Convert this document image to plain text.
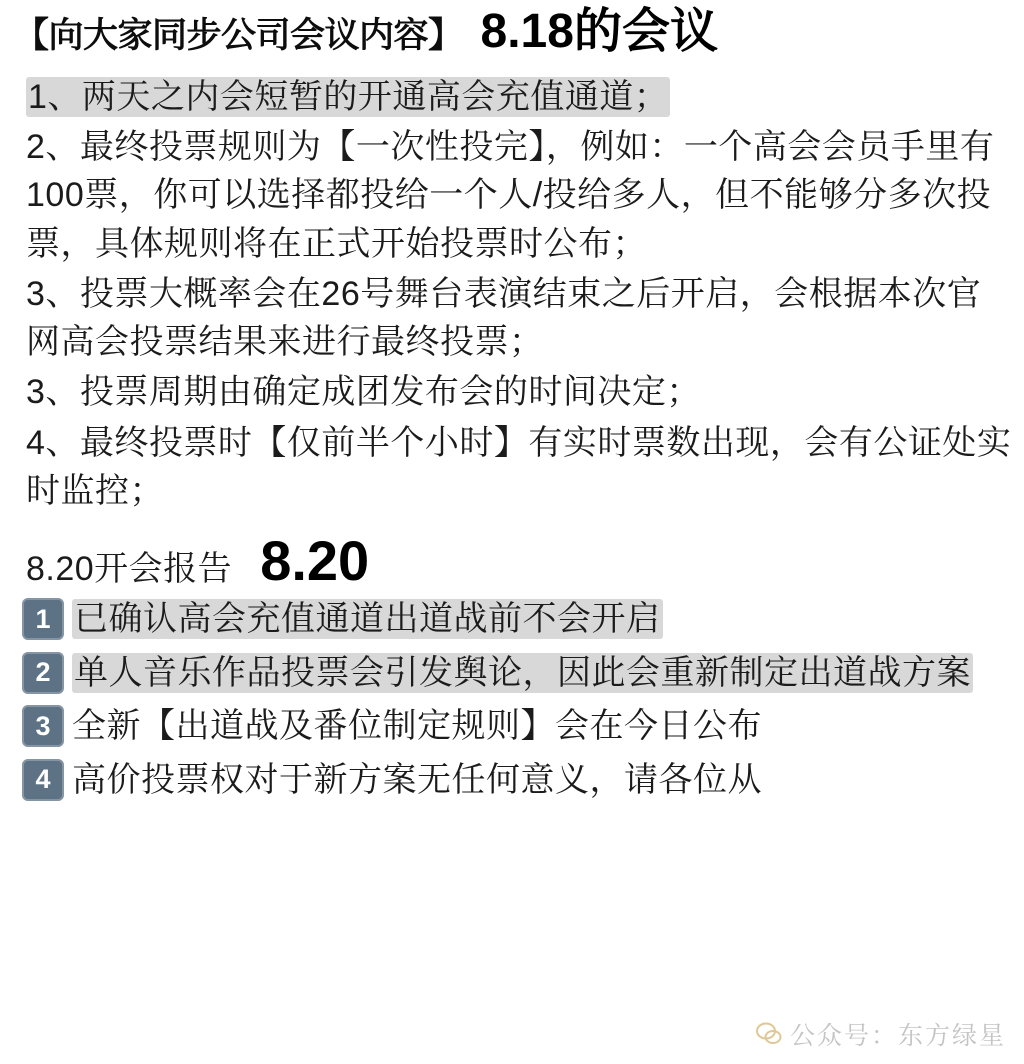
【向大家同步公司会议内容】 8.18的会议

1、两天之内会短暂的开通高会充值通道；

2、最终投票规则为【一次性投完】，例如：一个高会会员手里有100票，你可以选择都投给一个人/投给多人，但不能够分多次投票，具体规则将在正式开始投票时公布；

3、投票大概率会在26号舞台表演结束之后开启，会根据本次官网高会投票结果来进行最终投票；

3、投票周期由确定成团发布会的时间决定；

4、最终投票时【仅前半个小时】有实时票数出现，会有公证处实时监控；

8.20开会报告 8.20
1 已确认高会充值通道出道战前不会开启
2 单人音乐作品投票会引发舆论，因此会重新制定出道战方案
3 全新【出道战及番位制定规则】会在今日公布
4 高价投票权对于新方案无任何意义，请各位从
公众号：东方绿星
